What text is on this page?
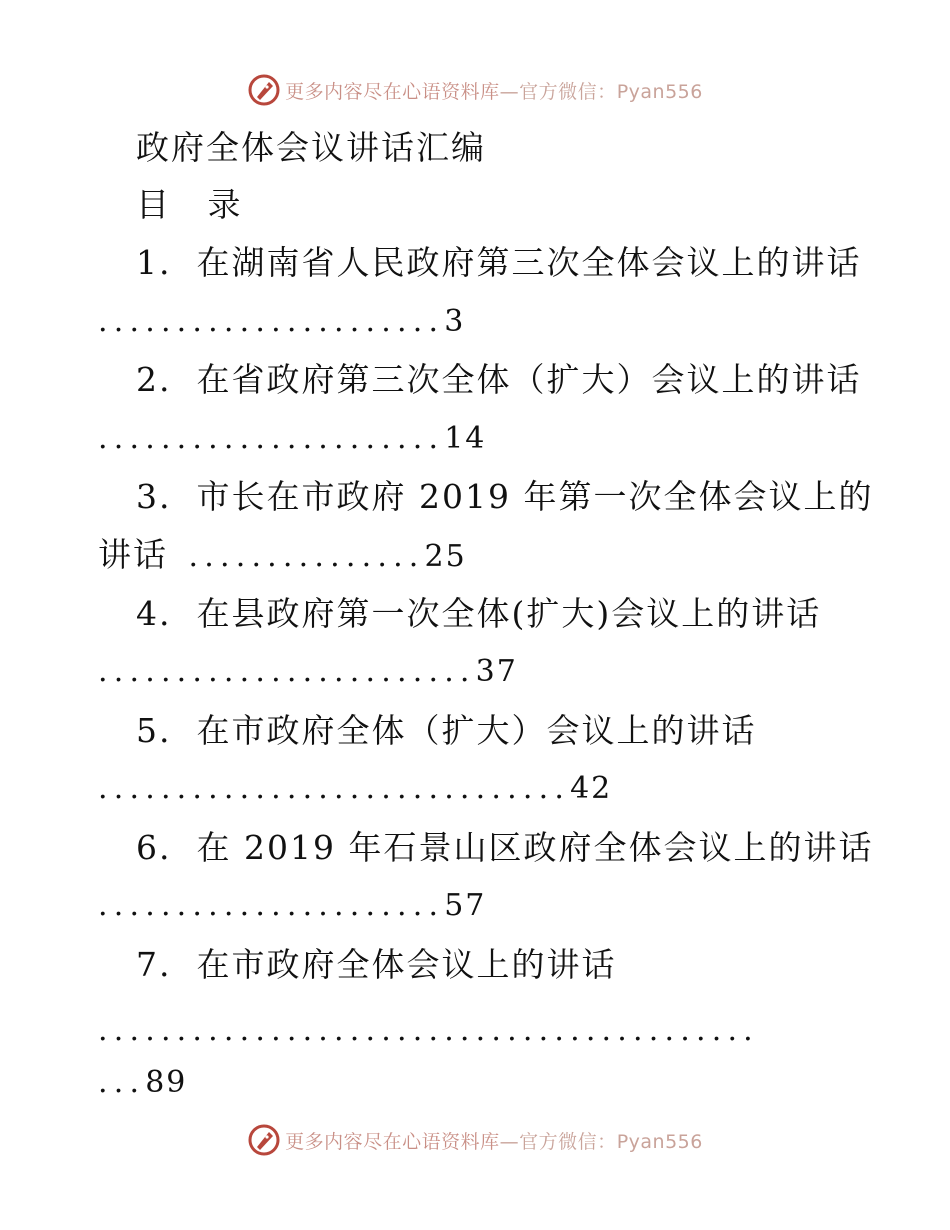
更多内容尽在心语资料库—官方微信：Pyan556
政府全体会议讲话汇编
目 录
1. 在湖南省人民政府第三次全体会议上的讲话
......................3
2. 在省政府第三次全体（扩大）会议上的讲话
......................14
3. 市长在市政府 2019 年第一次全体会议上的
讲话 ...............25
4. 在县政府第一次全体(扩大)会议上的讲话
........................37
5. 在市政府全体（扩大）会议上的讲话
..............................42
6. 在 2019 年石景山区政府全体会议上的讲话
......................57
7. 在市政府全体会议上的讲话
..........................................
...89
更多内容尽在心语资料库—官方微信：Pyan556
